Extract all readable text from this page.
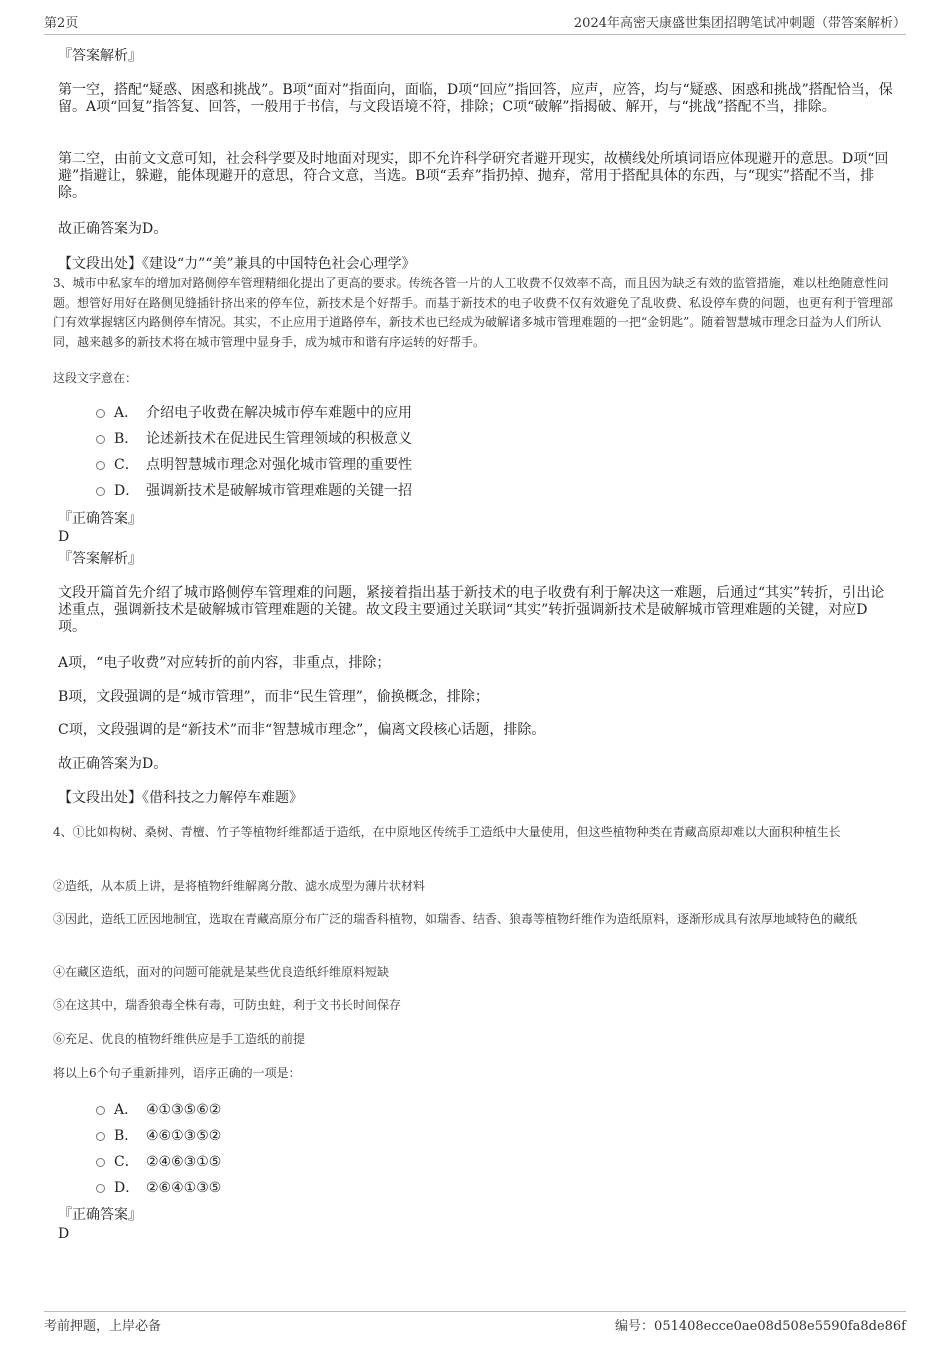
第2页	2024年高密天康盛世集团招聘笔试冲刺题（带答案解析）
『答案解析』
第一空，搭配“疑惑、困惑和挑战”。B项“面对”指面向，面临，D项“回应”指回答，应声，应答，均与“疑惑、困惑和挑战”搭配恰当，保留。A项“回复”指答复、回答，一般用于书信，与文段语境不符，排除；C项“破解”指揭破、解开，与“挑战”搭配不当，排除。
第二空，由前文文意可知，社会科学要及时地面对现实，即不允许科学研究者避开现实，故横线处所填词语应体现避开的意思。D项“回避”指避让，躲避，能体现避开的意思，符合文意，当选。B项“丢弃”指扔掉、抛弃，常用于搭配具体的东西，与“现实”搭配不当，排除。
故正确答案为D。
【文段出处】《建设“力”“美”兼具的中国特色社会心理学》
3、城市中私家车的增加对路侧停车管理精细化提出了更高的要求。传统各管一片的人工收费不仅效率不高，而且因为缺乏有效的监管措施，难以杜绝随意性问题。想管好用好在路侧见缝插针挤出来的停车位，新技术是个好帮手。而基于新技术的电子收费不仅有效避免了乱收费、私设停车费的问题，也更有利于管理部门有效掌握辖区内路侧停车情况。其实，不止应用于道路停车，新技术也已经成为破解诸多城市管理难题的一把“金钥匙”。随着智慧城市理念日益为人们所认同，越来越多的新技术将在城市管理中显身手，成为城市和谐有序运转的好帮手。
这段文字意在：
A． 介绍电子收费在解决城市停车难题中的应用
B． 论述新技术在促进民生管理领域的积极意义
C． 点明智慧城市理念对强化城市管理的重要性
D． 强调新技术是破解城市管理难题的关键一招
『正确答案』
D
『答案解析』
文段开篇首先介绍了城市路侧停车管理难的问题，紧接着指出基于新技术的电子收费有利于解决这一难题，后通过“其实”转折，引出论述重点，强调新技术是破解城市管理难题的关键。故文段主要通过关联词“其实”转折强调新技术是破解城市管理难题的关键，对应D项。
A项，“电子收费”对应转折的前内容，非重点，排除；
B项，文段强调的是“城市管理”，而非“民生管理”，偷换概念，排除；
C项，文段强调的是“新技术”而非“智慧城市理念”，偏离文段核心话题，排除。
故正确答案为D。
【文段出处】《借科技之力解停车难题》
4、①比如构树、桑树、青檀、竹子等植物纤维都适于造纸，在中原地区传统手工造纸中大量使用，但这些植物种类在青藏高原却难以大面积种植生长
②造纸，从本质上讲，是将植物纤维解离分散、滤水成型为薄片状材料
③因此，造纸工匠因地制宜，选取在青藏高原分布广泛的瑞香科植物，如瑞香、结香、狼毒等植物纤维作为造纸原料，逐渐形成具有浓厚地域特色的藏纸
④在藏区造纸，面对的问题可能就是某些优良造纸纤维原料短缺
⑤在这其中，瑞香狼毒全株有毒，可防虫蛀，利于文书长时间保存
⑥充足、优良的植物纤维供应是手工造纸的前提
将以上6个句子重新排列，语序正确的一项是：
A． ④①③⑤⑥②
B． ④⑥①③⑤②
C． ②④⑥③①⑤
D． ②⑥④①③⑤
『正确答案』
D
考前押题，上岸必备	编号：051408ecce0ae08d508e5590fa8de86f
